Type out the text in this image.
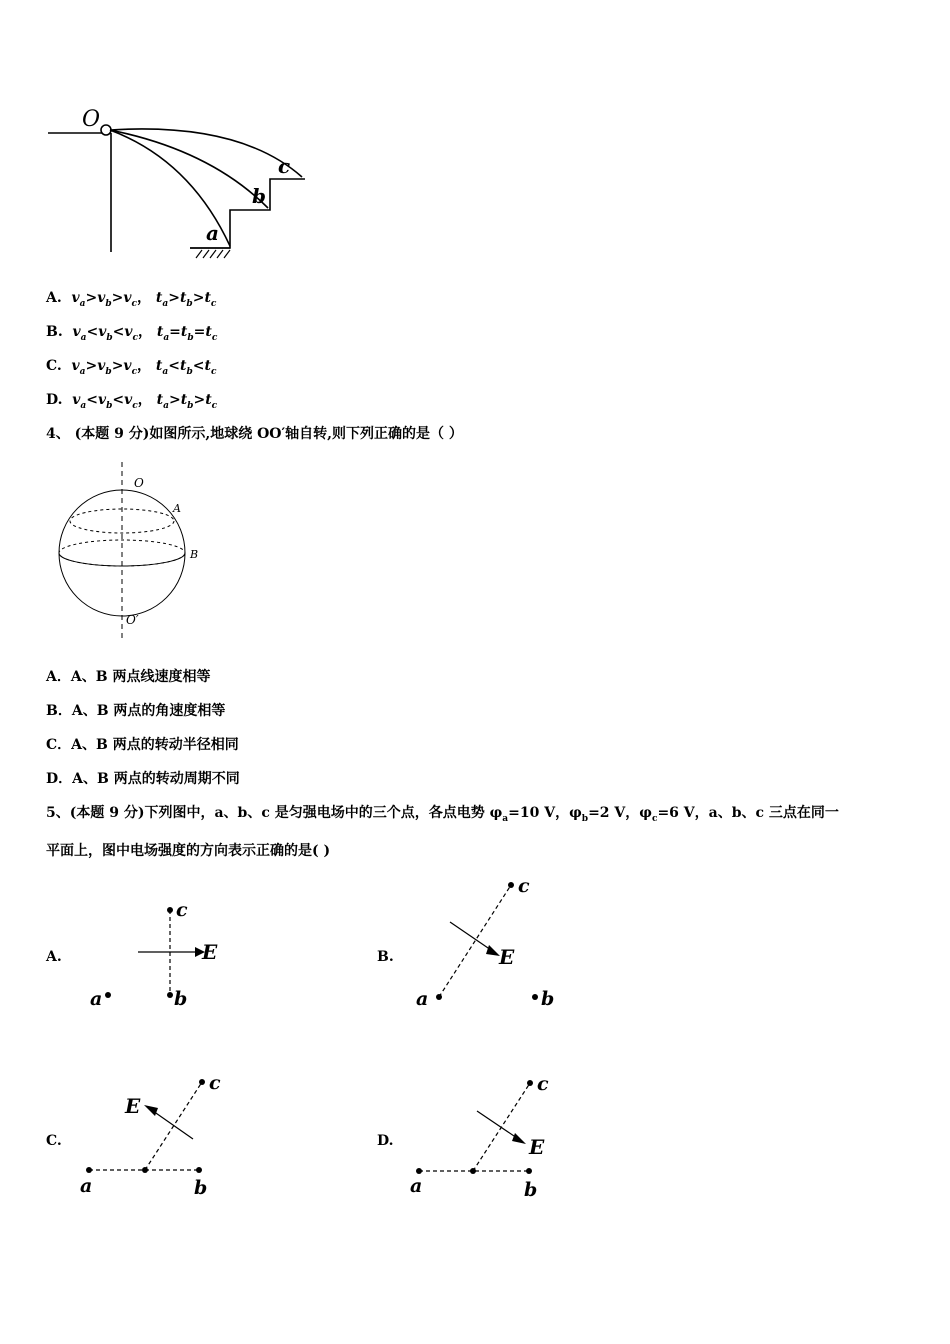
O
a
b
c
A. $v_a>v_b>v_c$， $t_a>t_b>t_c$
B. $v_a<v_b<v_c$， $t_a=t_b=t_c$
C. $v_a>v_b>v_c$， $t_a<t_b<t_c$
D. $v_a<v_b<v_c$， $t_a>t_b>t_c$
4、 (本题 9 分)如图所示,地球绕 OO′轴自转,则下列正确的是（ ）
O
A
B
O′
A．A、B 两点线速度相等
B．A、B 两点的角速度相等
C．A、B 两点的转动半径相同
D．A、B 两点的转动周期不同
5、(本题 9 分)下列图中，a、b、c 是匀强电场中的三个点，各点电势 $\varphi_a=10$ V，$\varphi_b=2$ V，$\varphi_c=6$ V，a、b、c 三点在同一
平面上，图中电场强度的方向表示正确的是( )
A.
c
b
a
E	B.
c
a	b
E
C.
c
E
a	b
D.
c
E
a	b
